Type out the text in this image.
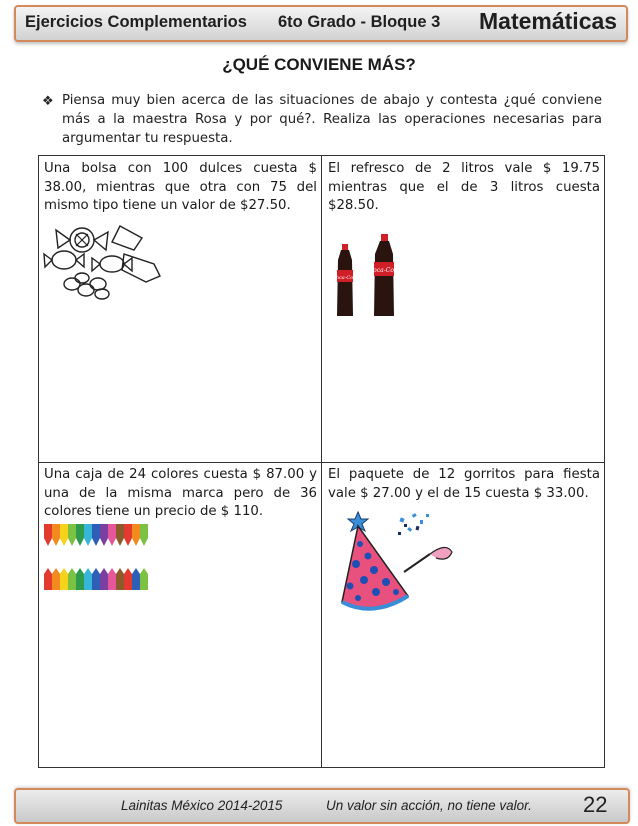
Ejercicios Complementarios 6to Grado - Bloque 3 Matemáticas
¿QUÉ CONVIENE MÁS?
❖ Piensa muy bien acerca de las situaciones de abajo y contesta ¿qué conviene más a la maestra Rosa y por qué?. Realiza las operaciones necesarias para argumentar tu respuesta.
Una bolsa con 100 dulces cuesta $ 38.00, mientras que otra con 75 del mismo tipo tiene un valor de $27.50.
El refresco de 2 litros vale $ 19.75 mientras que el de 3 litros cuesta $28.50.
Una caja de 24 colores cuesta $ 87.00 y una de la misma marca pero de 36 colores tiene un precio de $ 110.
El paquete de 12 gorritos para fiesta vale $ 27.00 y el de 15 cuesta $ 33.00.
Coca-Cola
Coca-Cola
Lainitas México 2014-2015	Un valor sin acción, no tiene valor. 22
